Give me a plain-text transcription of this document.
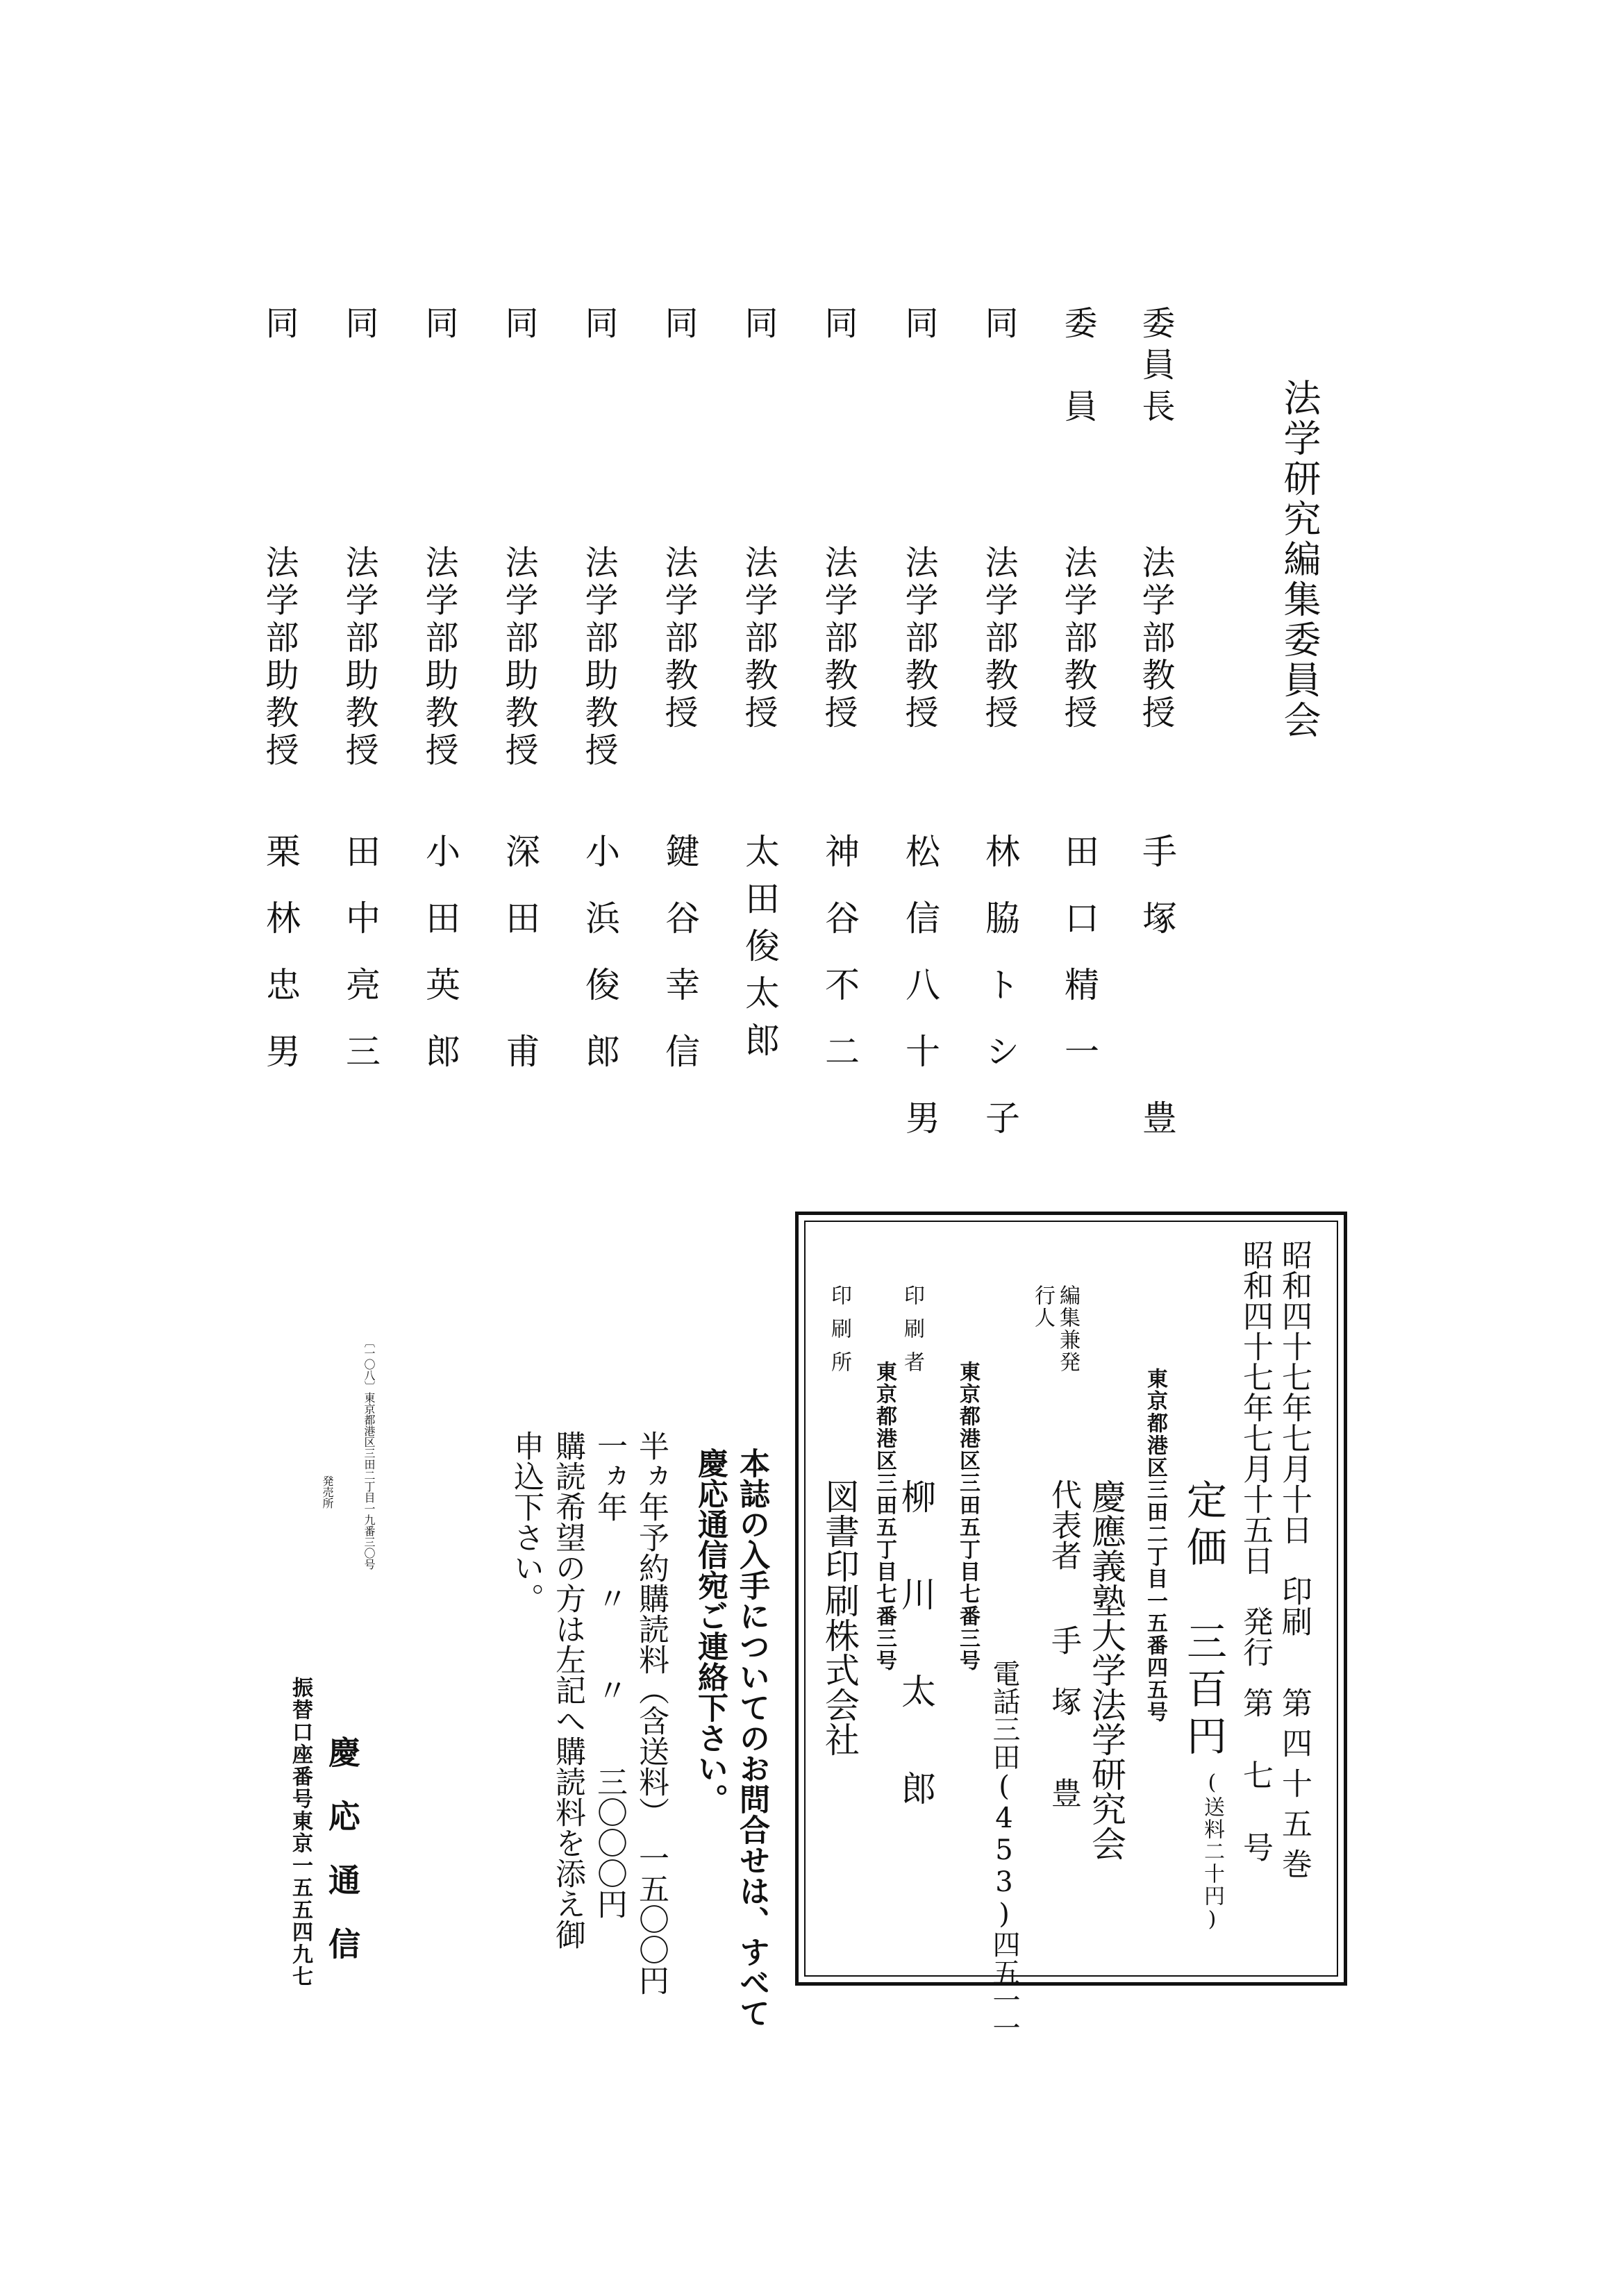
法学研究編集委員会
委員長
法学部教授
手塚　　豊
委　員
法学部教授
田口精一
同
法学部教授
林脇トシ子
同
法学部教授
松信八十男
同
法学部教授
神谷不二
同
法学部教授
太田俊太郎
同
法学部教授
鍵谷幸信
同
法学部助教授
小浜俊郎
同
法学部助教授
深田　甫
同
法学部助教授
小田英郎
同
法学部助教授
田中亮三
同
法学部助教授
栗林忠男
昭和四十七年七月十日　印刷
昭和四十七年七月十五日　発行
第四十五巻
第　七　号
定価　三百円
(送料二十円)
東京都港区三田二丁目一五番四五号
慶應義塾大学法学研究会
編集兼発行人
代表者
手　塚　　豊
電話三田(453)四五一一
東京都港区三田五丁目七番三号
印刷者
柳　川　太　郎
東京都港区三田五丁目七番三号
印刷所
図書印刷株式会社
本誌の入手についてのお問合せは、すべて
慶応通信宛ご連絡下さい。
半ヵ年予約購読料（含送料）　一五〇〇円
一ヵ年　　〃　　〃　　三〇〇〇円
購読希望の方は左記へ購読料を添え御
申込下さい。
〔一〇八〕東京都港区三田二丁目一九番三〇号
発売所
慶　応　通　信
振替口座番号東京一五五四九七
